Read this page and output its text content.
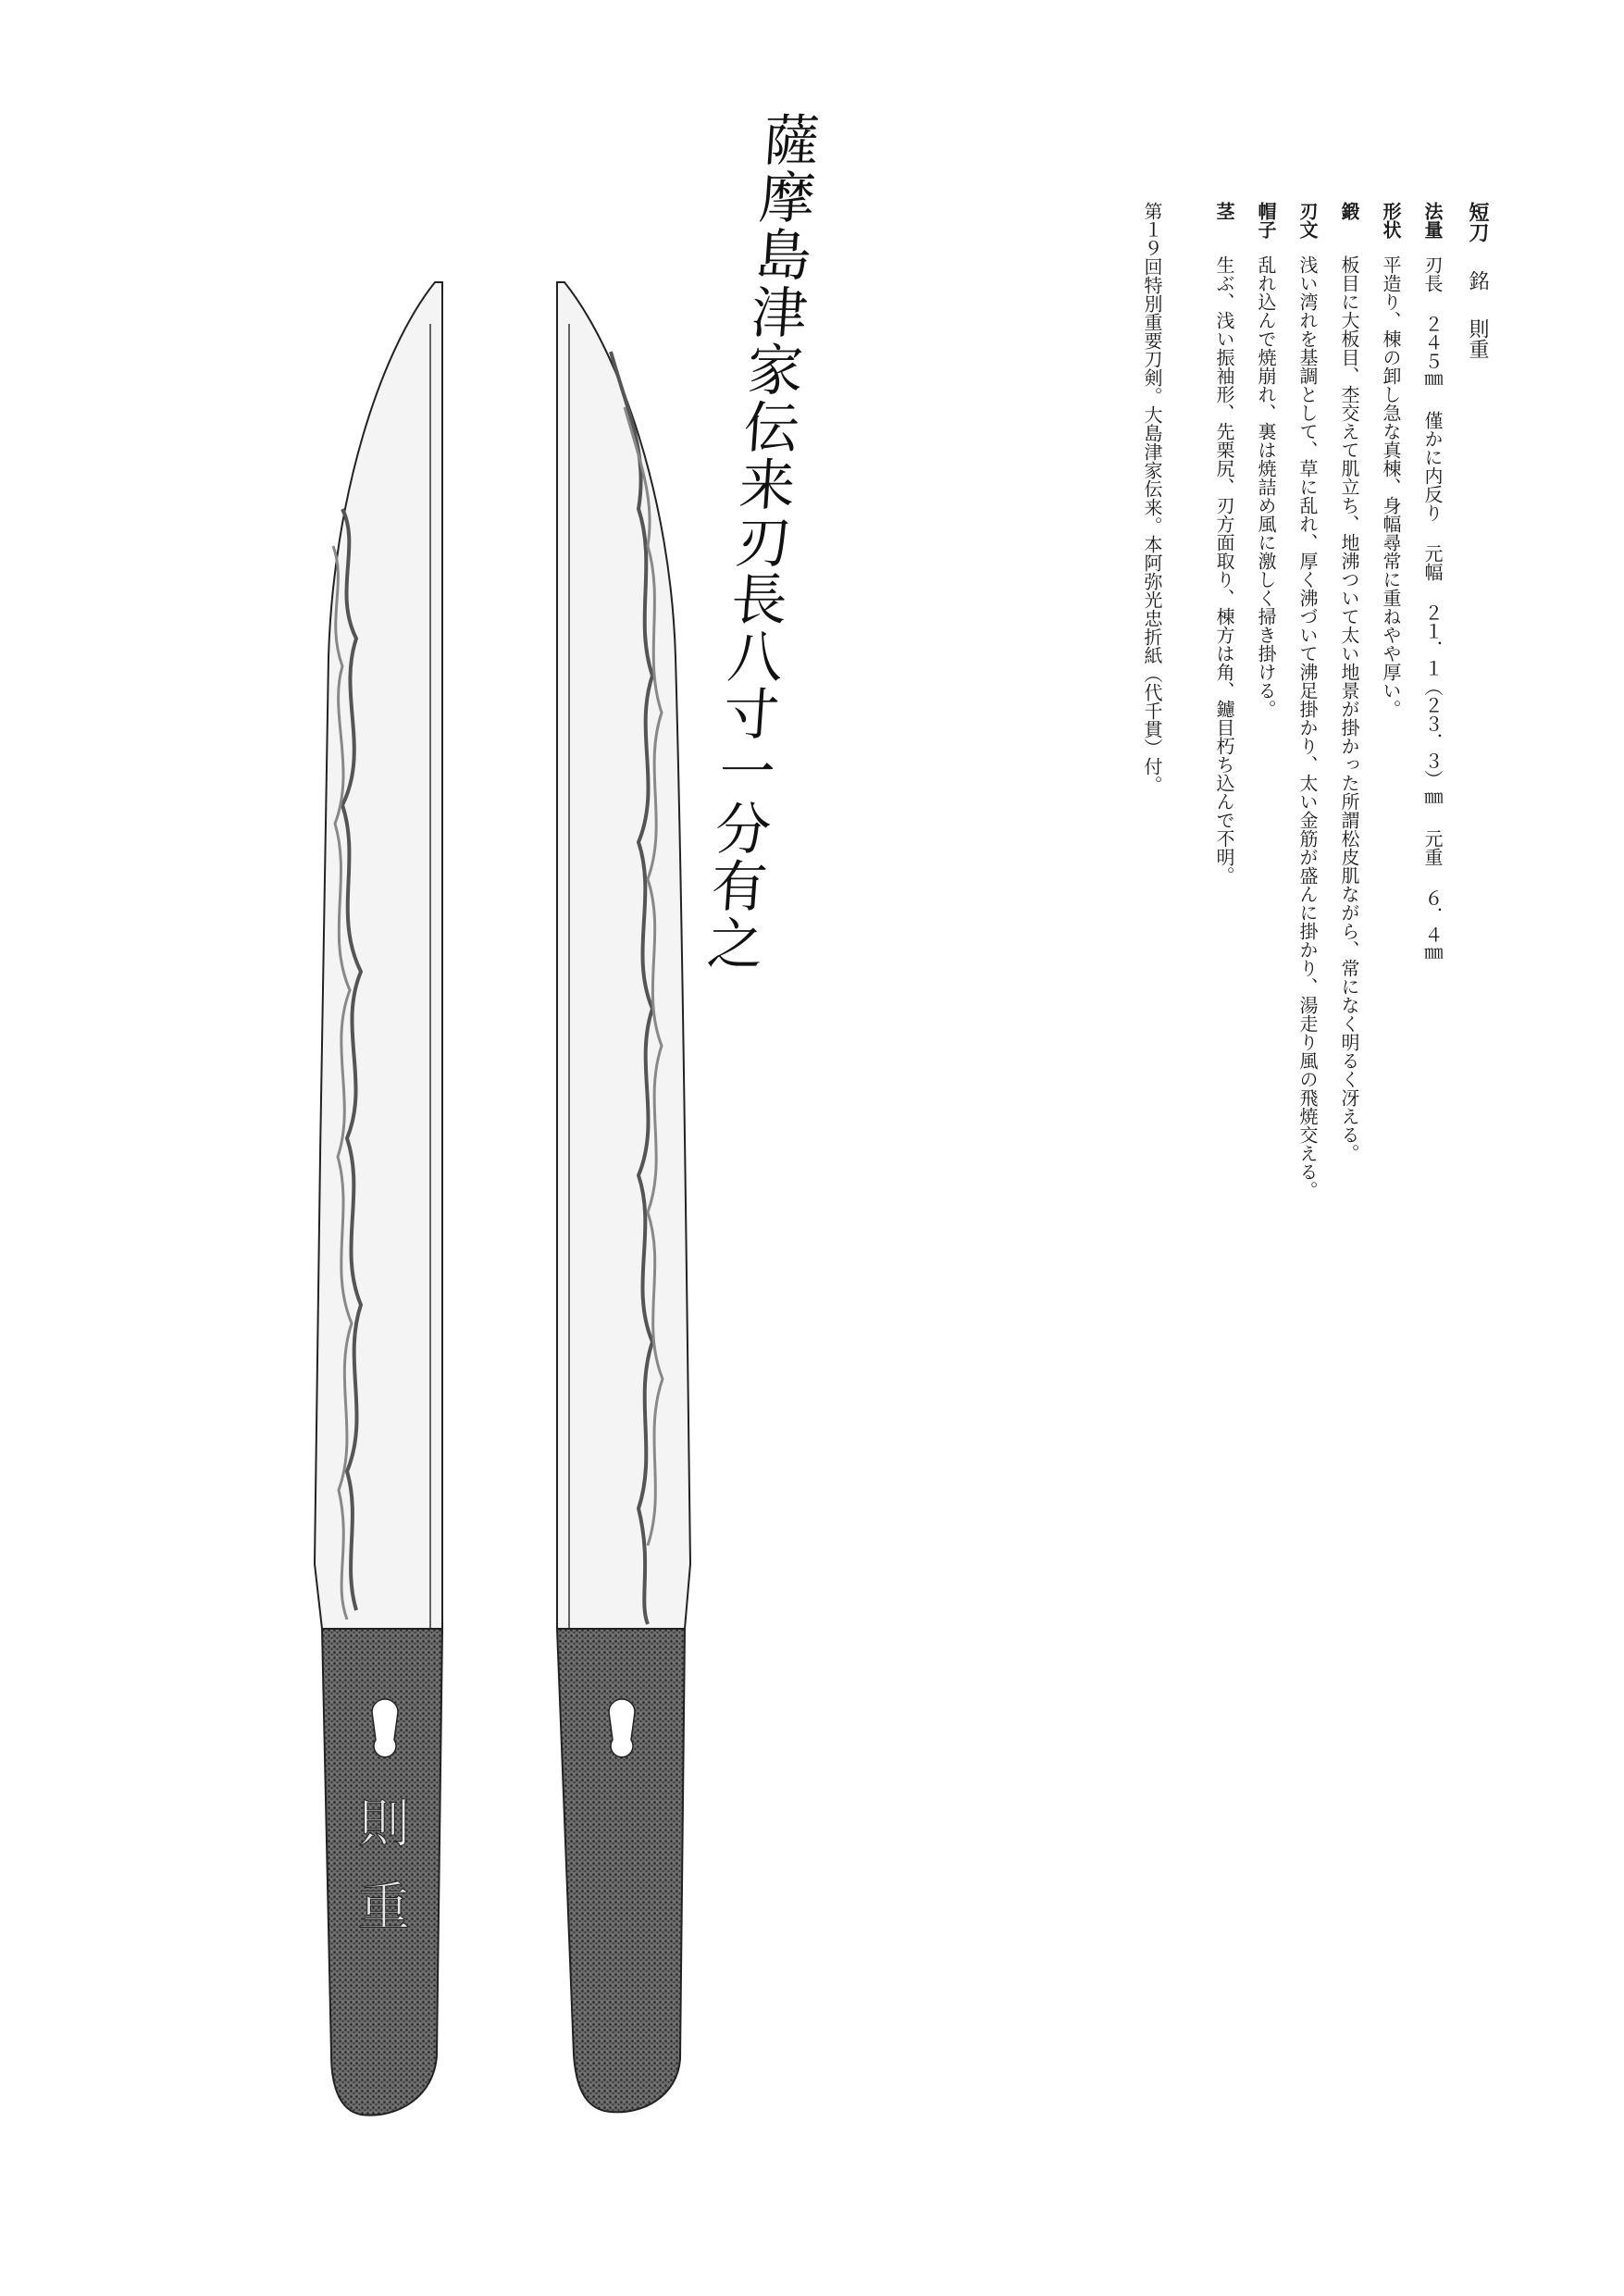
薩摩島津家伝来刃長八寸一分有之	短刀銘則重
法量刃長 ２４５㎜ 僅かに内反り 元幅 ２１．１（２３．３）㎜ 元重 ６．４㎜
形状平造り、棟の卸し急な真棟、身幅尋常に重ねやや厚い。
鍛板目に大板目、杢交えて肌立ち、地沸ついて太い地景が掛かった所謂松皮肌ながら、常になく明るく冴える。
刃文浅い湾れを基調として、草に乱れ、厚く沸づいて沸足掛かり、太い金筋が盛んに掛かり、湯走り風の飛焼交える。
帽子乱れ込んで焼崩れ、裏は焼詰め風に激しく掃き掛ける。
茎生ぶ、浅い振袖形、先栗尻、刃方面取り、棟方は角、鑢目朽ち込んで不明。
第１９回特別重要刀剣。大島津家伝来。本阿弥光忠折紙（代千貫）付。
則
重
